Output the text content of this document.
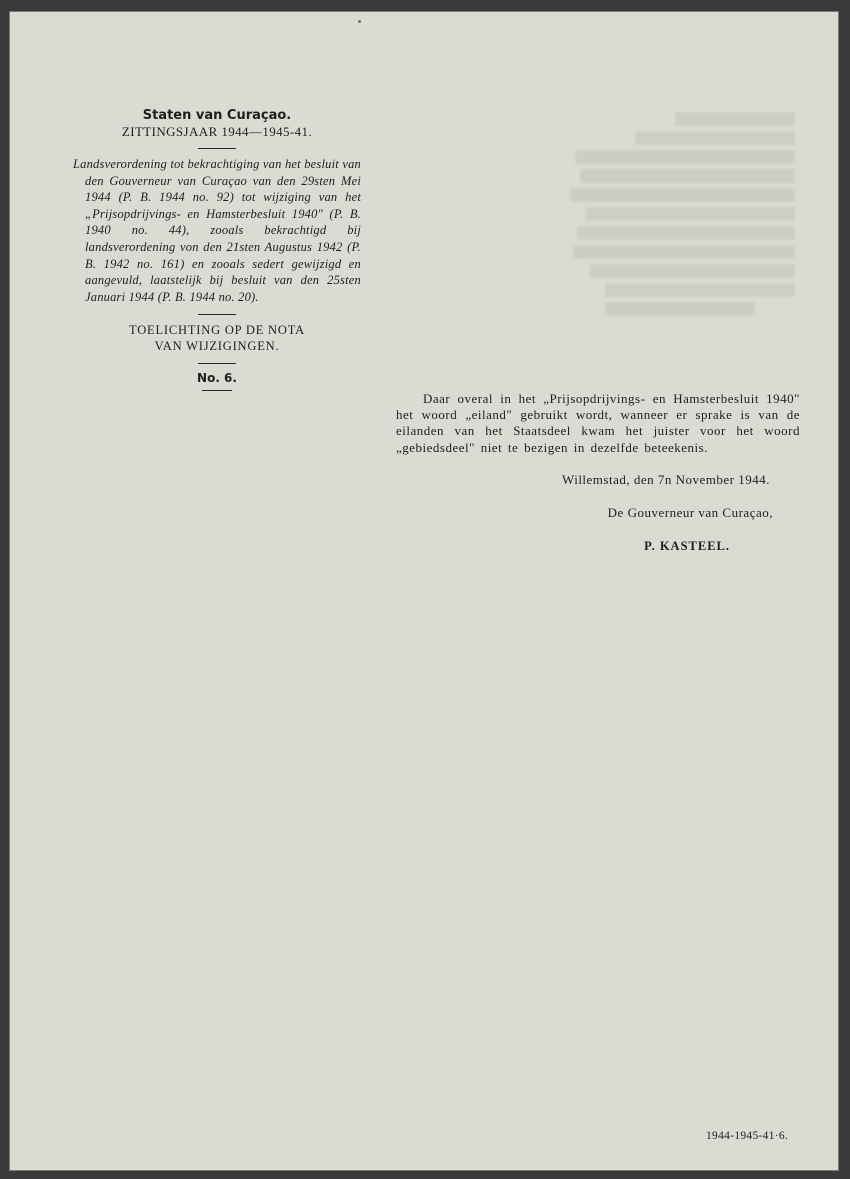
Staten van Curaçao.

ZITTINGSJAAR 1944—1945-41.

Landsverordening tot bekrachtiging van het besluit van den Gouverneur van Curaçao van den 29sten Mei 1944 (P. B. 1944 no. 92) tot wijziging van het „Prijsopdrijvings- en Hamsterbesluit 1940" (P. B. 1940 no. 44), zooals bekrachtigd bij landsverordening von den 21sten Augustus 1942 (P. B. 1942 no. 161) en zooals sedert gewijzigd en aangevuld, laatstelijk bij besluit van den 25sten Januari 1944 (P. B. 1944 no. 20).

TOELICHTING OP DE NOTA

VAN WIJZIGINGEN.

No. 6.

Daar overal in het „Prijsopdrijvings- en Hamsterbesluit 1940" het woord „eiland" gebruikt wordt, wanneer er sprake is van de eilanden van het Staatsdeel kwam het juister voor het woord „gebiedsdeel" niet te bezigen in dezelfde beteekenis.

Willemstad, den 7n November 1944.

De Gouverneur van Curaçao,

P. KASTEEL.

1944-1945-41·6.
